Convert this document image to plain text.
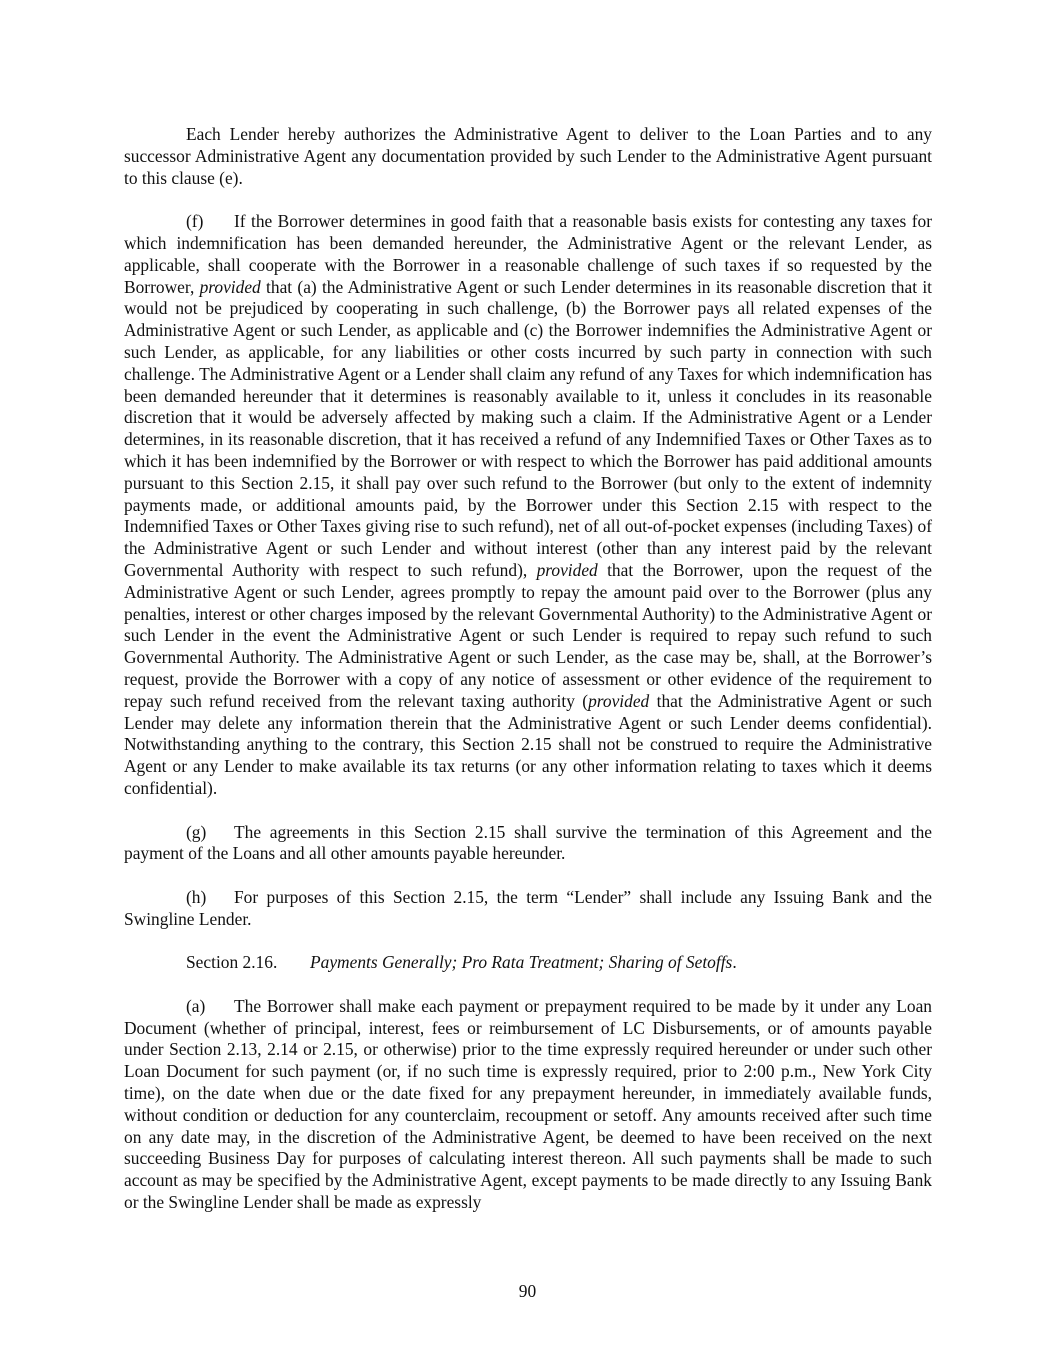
Each Lender hereby authorizes the Administrative Agent to deliver to the Loan Parties and to any successor Administrative Agent any documentation provided by such Lender to the Administrative Agent pursuant to this clause (e).

(f) If the Borrower determines in good faith that a reasonable basis exists for contesting any taxes for which indemnification has been demanded hereunder, the Administrative Agent or the relevant Lender, as applicable, shall cooperate with the Borrower in a reasonable challenge of such taxes if so requested by the Borrower, provided that (a) the Administrative Agent or such Lender determines in its reasonable discretion that it would not be prejudiced by cooperating in such challenge, (b) the Borrower pays all related expenses of the Administrative Agent or such Lender, as applicable and (c) the Borrower indemnifies the Administrative Agent or such Lender, as applicable, for any liabilities or other costs incurred by such party in connection with such challenge. The Administrative Agent or a Lender shall claim any refund of any Taxes for which indemnification has been demanded hereunder that it determines is reasonably available to it, unless it concludes in its reasonable discretion that it would be adversely affected by making such a claim. If the Administrative Agent or a Lender determines, in its reasonable discretion, that it has received a refund of any Indemnified Taxes or Other Taxes as to which it has been indemnified by the Borrower or with respect to which the Borrower has paid additional amounts pursuant to this Section 2.15, it shall pay over such refund to the Borrower (but only to the extent of indemnity payments made, or additional amounts paid, by the Borrower under this Section 2.15 with respect to the Indemnified Taxes or Other Taxes giving rise to such refund), net of all out-of-pocket expenses (including Taxes) of the Administrative Agent or such Lender and without interest (other than any interest paid by the relevant Governmental Authority with respect to such refund), provided that the Borrower, upon the request of the Administrative Agent or such Lender, agrees promptly to repay the amount paid over to the Borrower (plus any penalties, interest or other charges imposed by the relevant Governmental Authority) to the Administrative Agent or such Lender in the event the Administrative Agent or such Lender is required to repay such refund to such Governmental Authority. The Administrative Agent or such Lender, as the case may be, shall, at the Borrower’s request, provide the Borrower with a copy of any notice of assessment or other evidence of the requirement to repay such refund received from the relevant taxing authority (provided that the Administrative Agent or such Lender may delete any information therein that the Administrative Agent or such Lender deems confidential). Notwithstanding anything to the contrary, this Section 2.15 shall not be construed to require the Administrative Agent or any Lender to make available its tax returns (or any other information relating to taxes which it deems confidential).

(g) The agreements in this Section 2.15 shall survive the termination of this Agreement and the payment of the Loans and all other amounts payable hereunder.

(h) For purposes of this Section 2.15, the term “Lender” shall include any Issuing Bank and the Swingline Lender.

Section 2.16. Payments Generally; Pro Rata Treatment; Sharing of Setoffs.

(a) The Borrower shall make each payment or prepayment required to be made by it under any Loan Document (whether of principal, interest, fees or reimbursement of LC Disbursements, or of amounts payable under Section 2.13, 2.14 or 2.15, or otherwise) prior to the time expressly required hereunder or under such other Loan Document for such payment (or, if no such time is expressly required, prior to 2:00 p.m., New York City time), on the date when due or the date fixed for any prepayment hereunder, in immediately available funds, without condition or deduction for any counterclaim, recoupment or setoff. Any amounts received after such time on any date may, in the discretion of the Administrative Agent, be deemed to have been received on the next succeeding Business Day for purposes of calculating interest thereon. All such payments shall be made to such account as may be specified by the Administrative Agent, except payments to be made directly to any Issuing Bank or the Swingline Lender shall be made as expressly

90
